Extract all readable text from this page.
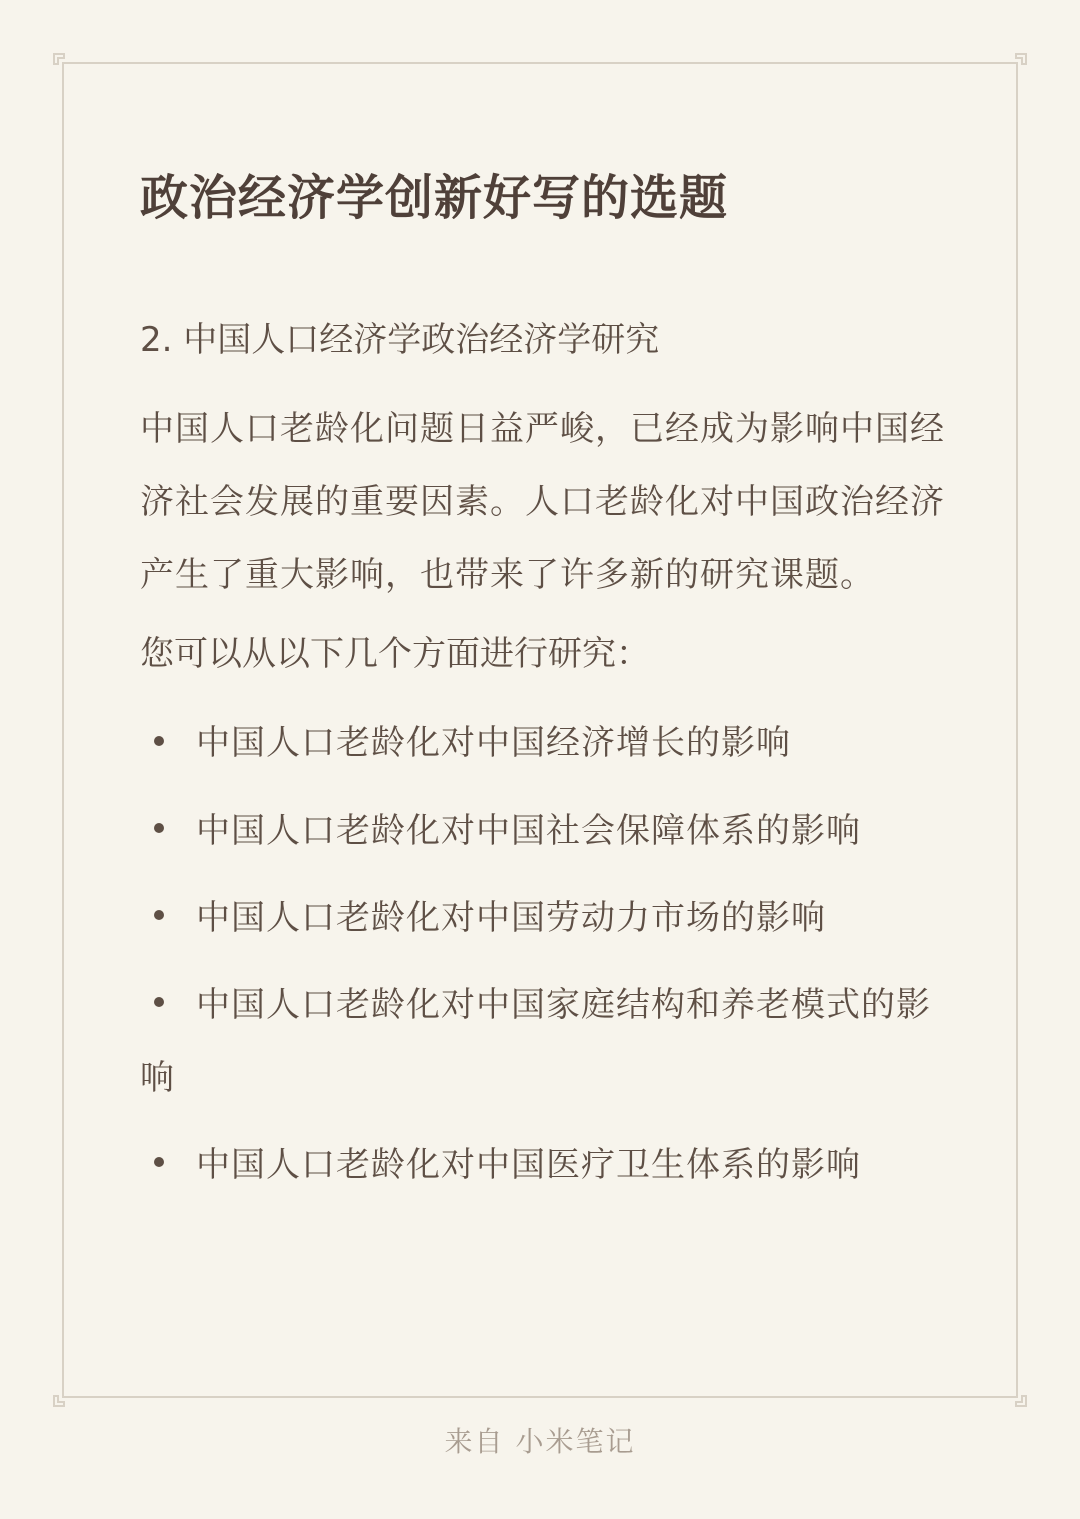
政治经济学创新好写的选题

2. 中国人口经济学政治经济学研究

中国人口老龄化问题日益严峻，已经成为影响中国经济社会发展的重要因素。人口老龄化对中国政治经济产生了重大影响，也带来了许多新的研究课题。

您可以从以下几个方面进行研究：

中国人口老龄化对中国经济增长的影响
中国人口老龄化对中国社会保障体系的影响
中国人口老龄化对中国劳动力市场的影响
中国人口老龄化对中国家庭结构和养老模式的影响
中国人口老龄化对中国医疗卫生体系的影响
来自 小米笔记
